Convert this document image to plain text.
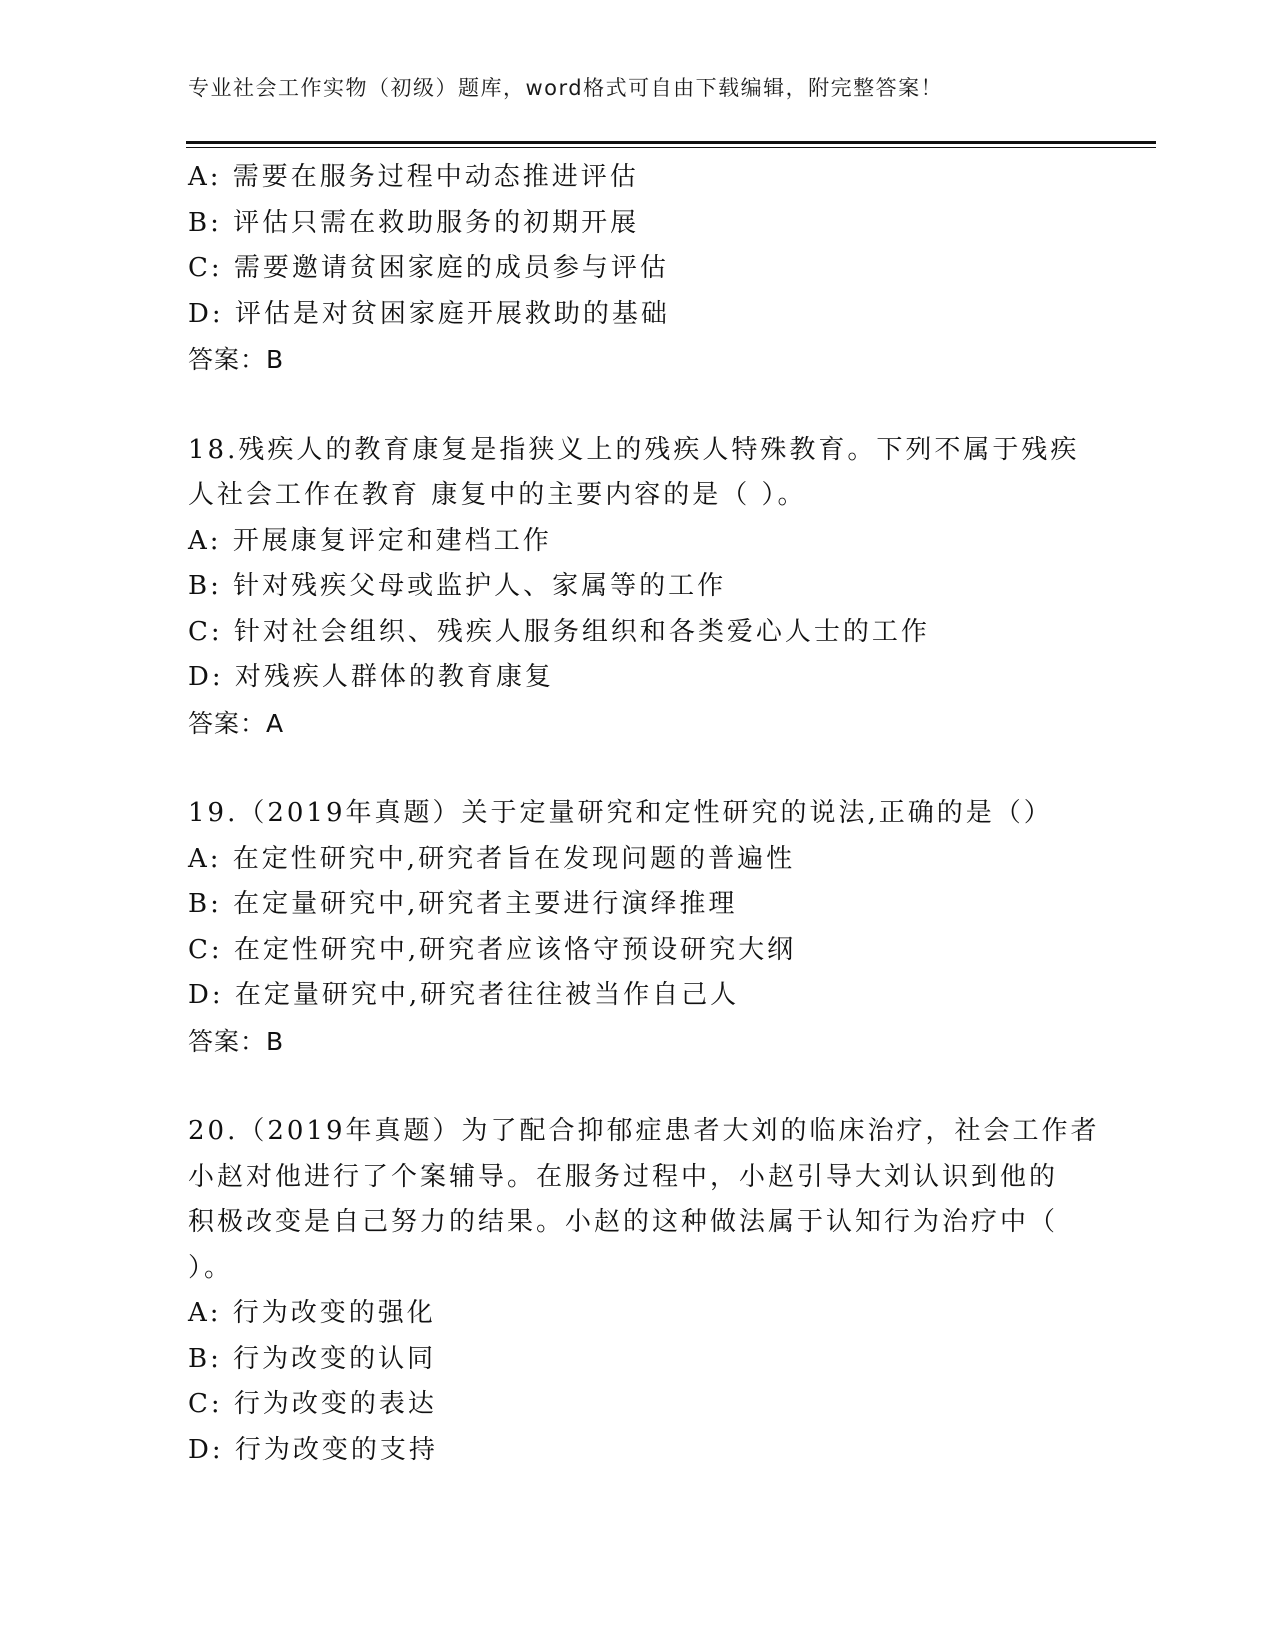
专业社会工作实物（初级）题库，word格式可自由下载编辑，附完整答案！
A: 需要在服务过程中动态推进评估
B: 评估只需在救助服务的初期开展
C: 需要邀请贫困家庭的成员参与评估
D: 评估是对贫困家庭开展救助的基础
答案：B
18.残疾人的教育康复是指狭义上的残疾人特殊教育。下列不属于残疾
人社会工作在教育 康复中的主要内容的是（ ）。
A: 开展康复评定和建档工作
B: 针对残疾父母或监护人、家属等的工作
C: 针对社会组织、残疾人服务组织和各类爱心人士的工作
D: 对残疾人群体的教育康复
答案：A
19.（2019年真题）关于定量研究和定性研究的说法,正确的是（）
A: 在定性研究中,研究者旨在发现问题的普遍性
B: 在定量研究中,研究者主要进行演绎推理
C: 在定性研究中,研究者应该恪守预设研究大纲
D: 在定量研究中,研究者往往被当作自己人
答案：B
20.（2019年真题）为了配合抑郁症患者大刘的临床治疗，社会工作者
小赵对他进行了个案辅导。在服务过程中，小赵引导大刘认识到他的
积极改变是自己努力的结果。小赵的这种做法属于认知行为治疗中（
）。
A: 行为改变的强化
B: 行为改变的认同
C: 行为改变的表达
D: 行为改变的支持
